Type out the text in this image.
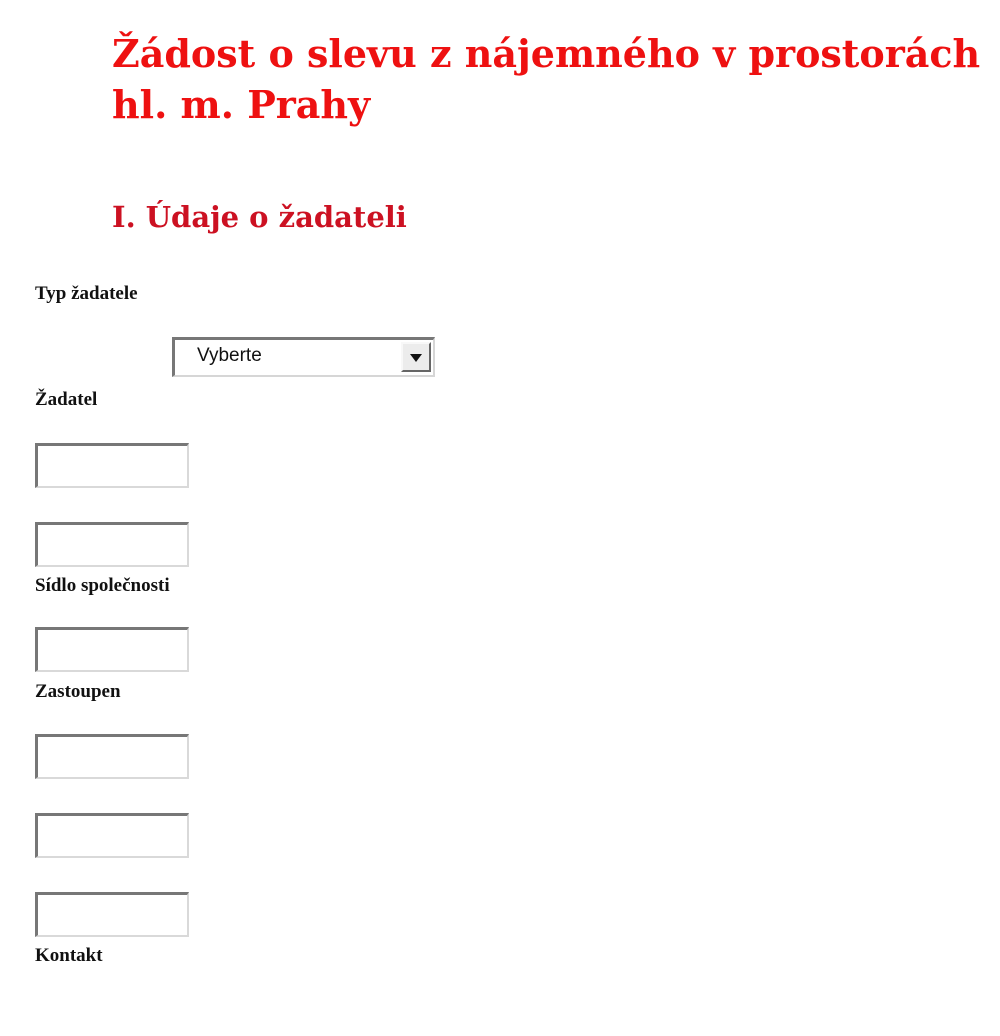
Žádost o slevu z nájemného v prostorách hl. m. Prahy
I. Údaje o žadateli
Typ žadatele
Vyberte
Žadatel
Sídlo společnosti
Zastoupen
Kontakt
